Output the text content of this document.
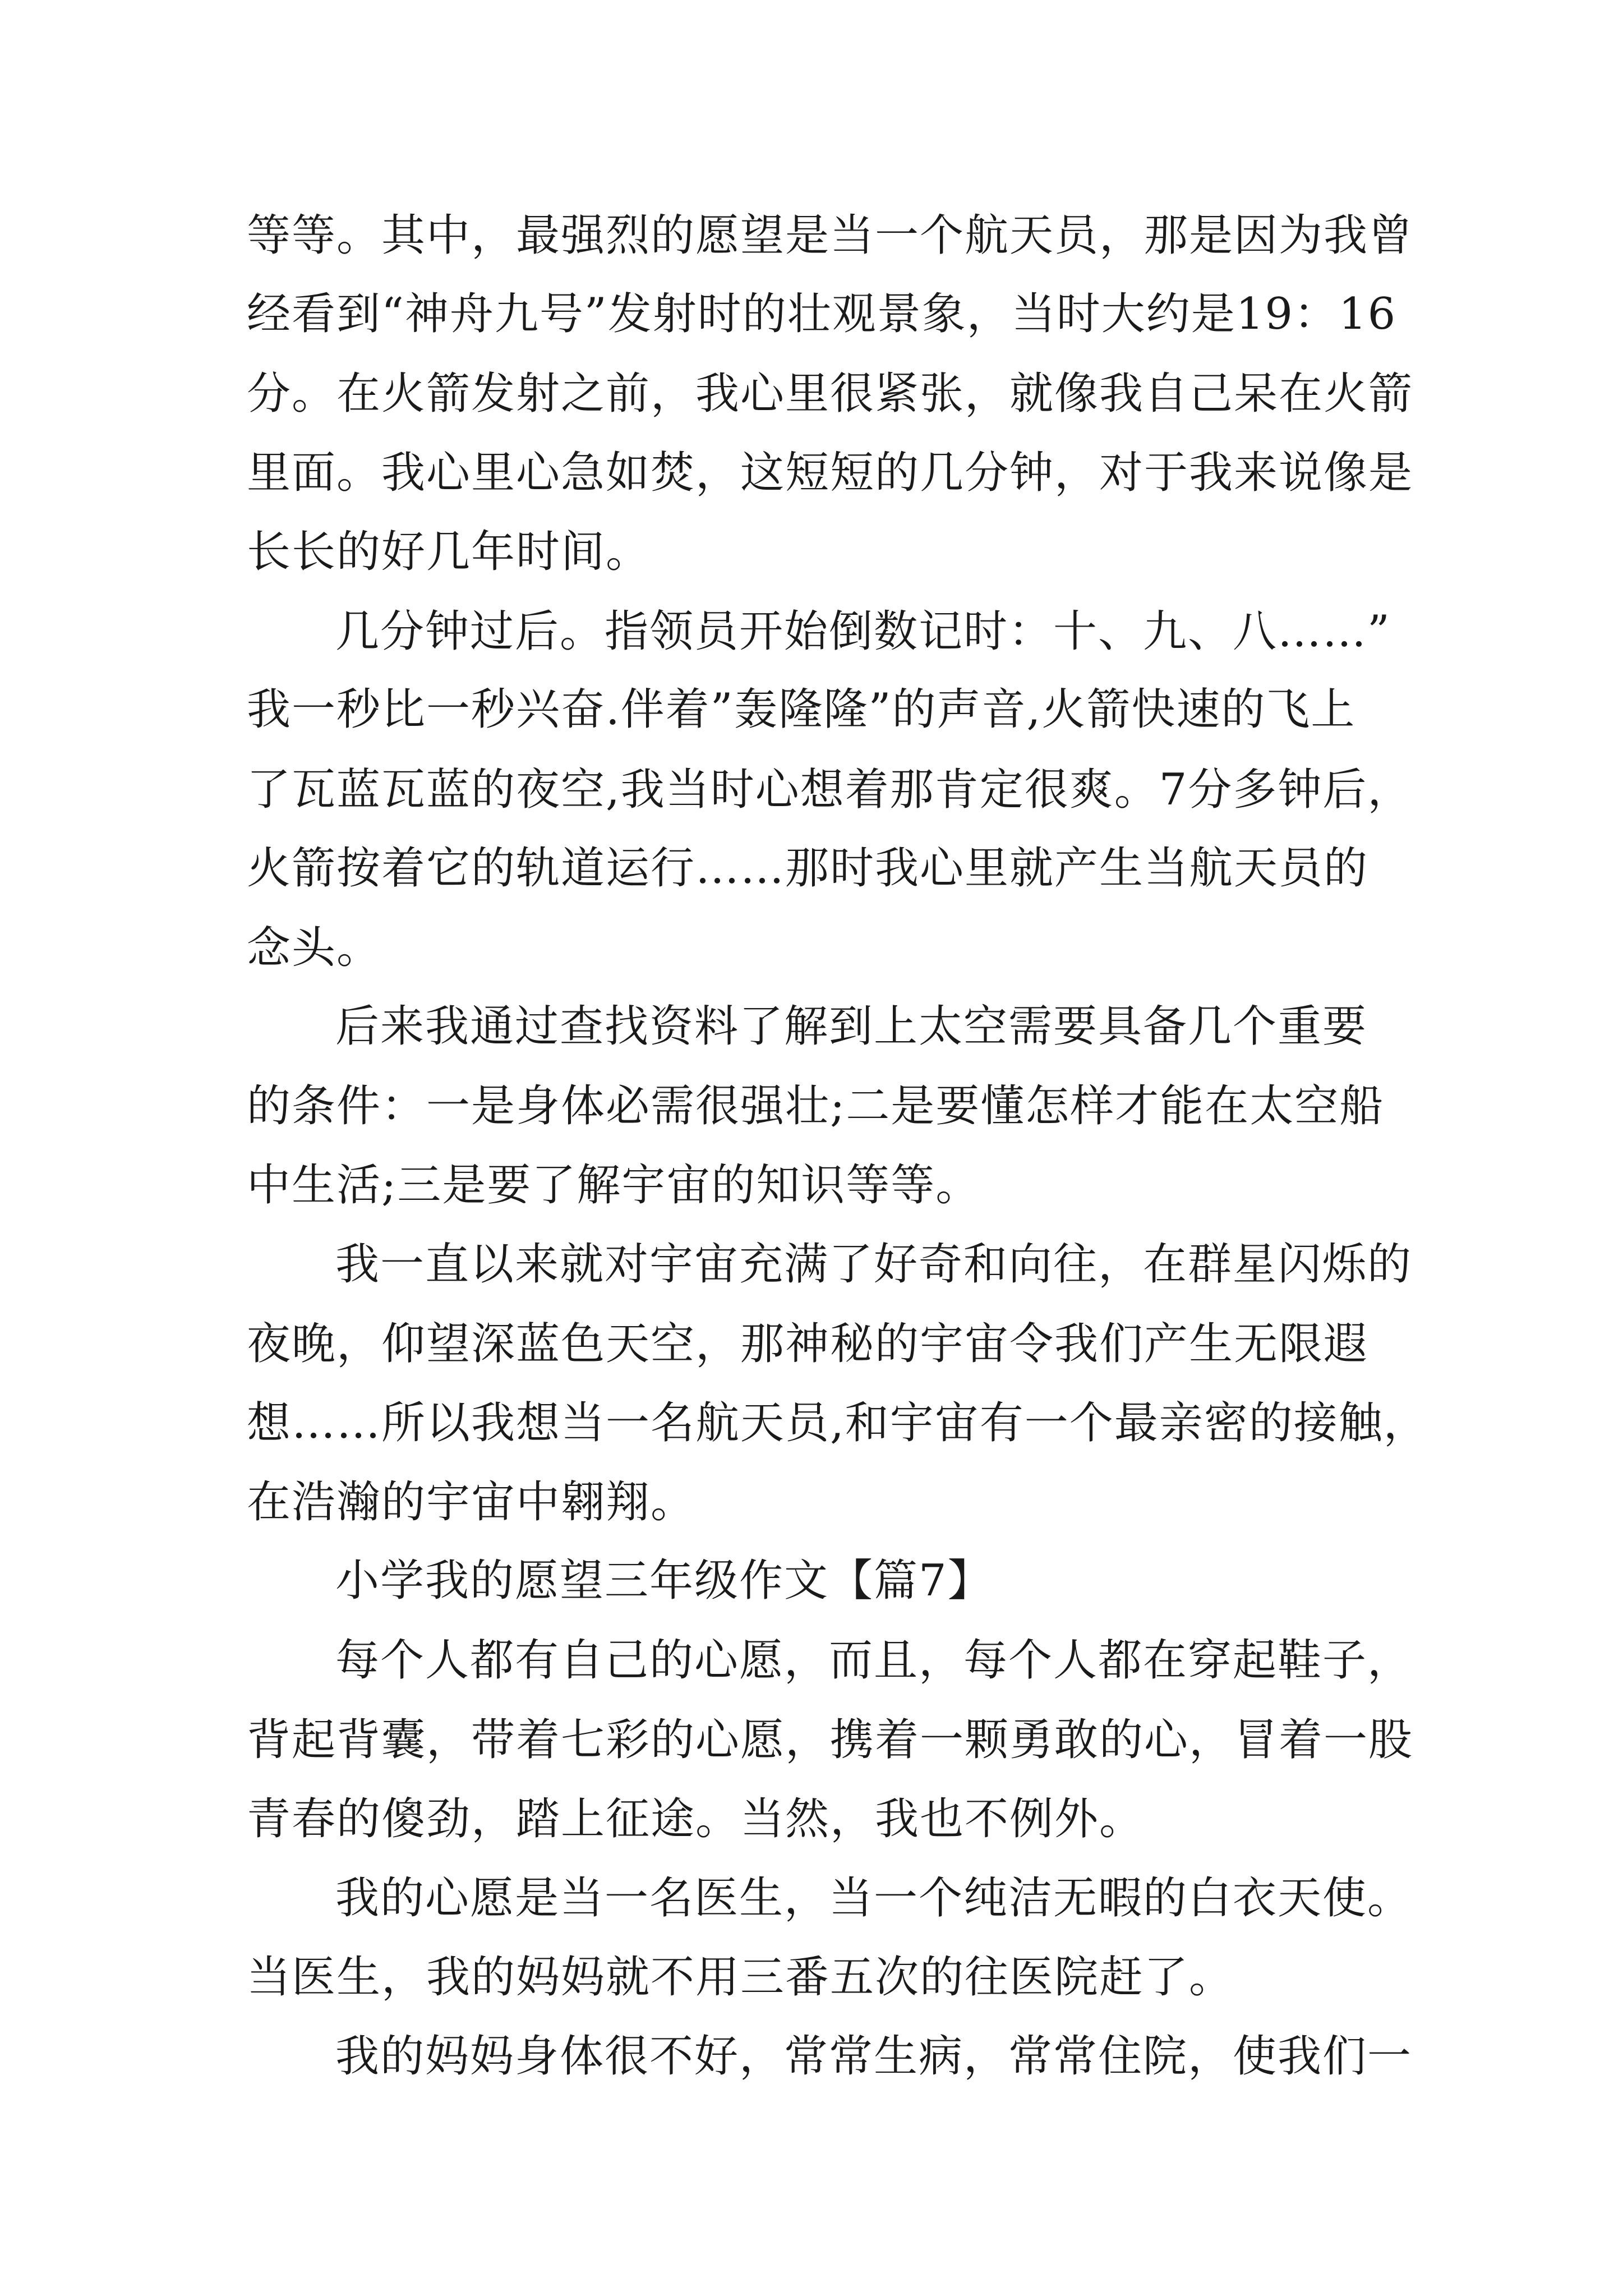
等等。其中，最强烈的愿望是当一个航天员，那是因为我曾
经看到“神舟九号”发射时的壮观景象，当时大约是19：16
分。在火箭发射之前，我心里很紧张，就像我自己呆在火箭
里面。我心里心急如焚，这短短的几分钟，对于我来说像是
长长的好几年时间。
几分钟过后。指领员开始倒数记时：十、九、八……”
我一秒比一秒兴奋.伴着”轰隆隆”的声音,火箭快速的飞上
了瓦蓝瓦蓝的夜空,我当时心想着那肯定很爽。7分多钟后，
火箭按着它的轨道运行……那时我心里就产生当航天员的
念头。
后来我通过查找资料了解到上太空需要具备几个重要
的条件：一是身体必需很强壮;二是要懂怎样才能在太空船
中生活;三是要了解宇宙的知识等等。
我一直以来就对宇宙充满了好奇和向往，在群星闪烁的
夜晚，仰望深蓝色天空，那神秘的宇宙令我们产生无限遐
想……所以我想当一名航天员,和宇宙有一个最亲密的接触，
在浩瀚的宇宙中翱翔。
小学我的愿望三年级作文【篇7】
每个人都有自己的心愿，而且，每个人都在穿起鞋子，
背起背囊，带着七彩的心愿，携着一颗勇敢的心，冒着一股
青春的傻劲，踏上征途。当然，我也不例外。
我的心愿是当一名医生，当一个纯洁无暇的白衣天使。
当医生，我的妈妈就不用三番五次的往医院赶了。
我的妈妈身体很不好，常常生病，常常住院，使我们一
